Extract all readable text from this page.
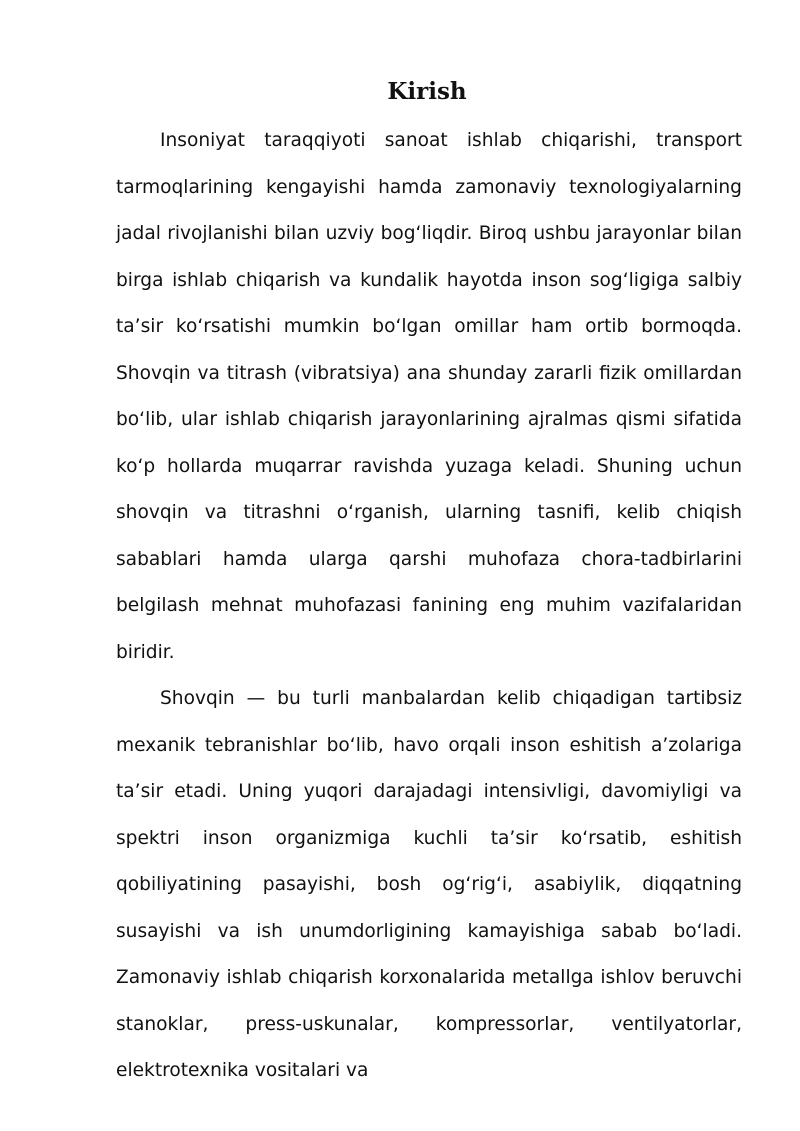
Kirish

Insoniyat taraqqiyoti sanoat ishlab chiqarishi, transport tarmoqlarining kengayishi hamda zamonaviy texnologiyalarning jadal rivojlanishi bilan uzviy bog‘liqdir. Biroq ushbu jarayonlar bilan birga ishlab chiqarish va kundalik hayotda inson sog‘ligiga salbiy ta’sir ko‘rsatishi mumkin bo‘lgan omillar ham ortib bormoqda. Shovqin va titrash (vibratsiya) ana shunday zararli fizik omillardan bo‘lib, ular ishlab chiqarish jarayonlarining ajralmas qismi sifatida ko‘p hollarda muqarrar ravishda yuzaga keladi. Shuning uchun shovqin va titrashni o‘rganish, ularning tasnifi, kelib chiqish sabablari hamda ularga qarshi muhofaza chora-tadbirlarini belgilash mehnat muhofazasi fanining eng muhim vazifalaridan biridir.

Shovqin — bu turli manbalardan kelib chiqadigan tartibsiz mexanik tebranishlar bo‘lib, havo orqali inson eshitish a’zolariga ta’sir etadi. Uning yuqori darajadagi intensivligi, davomiyligi va spektri inson organizmiga kuchli ta’sir ko‘rsatib, eshitish qobiliyatining pasayishi, bosh og‘rig‘i, asabiylik, diqqatning susayishi va ish unumdorligining kamayishiga sabab bo‘ladi. Zamonaviy ishlab chiqarish korxonalarida metallga ishlov beruvchi stanoklar, press-uskunalar, kompressorlar, ventilyatorlar, elektrotexnika vositalari va
